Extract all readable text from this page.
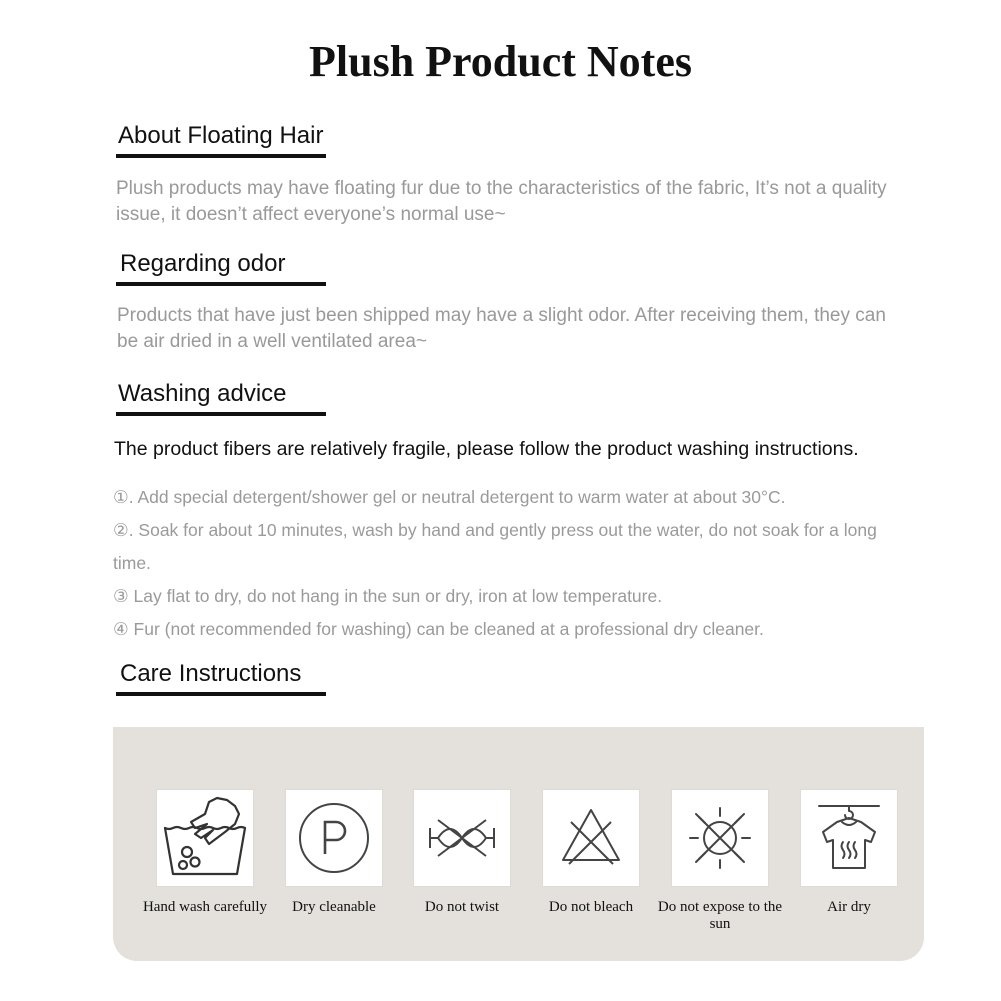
Plush Product Notes
About Floating Hair
Plush products may have floating fur due to the characteristics of the fabric, It’s not a quality issue, it doesn’t affect everyone’s normal use~
Regarding odor
Products that have just been shipped may have a slight odor. After receiving them, they can be air dried in a well ventilated area~
Washing advice
The product fibers are relatively fragile, please follow the product washing instructions.
①. Add special detergent/shower gel or neutral detergent to warm water at about 30°C.
②. Soak for about 10 minutes, wash by hand and gently press out the water, do not soak for a long time.
③ Lay flat to dry, do not hang in the sun or dry, iron at low temperature.
④ Fur (not recommended for washing) can be cleaned at a professional dry cleaner.
Care Instructions
Hand wash carefully	Dry cleanable	Do not twist	Do not bleach	Do not expose to the sun
Air dry
